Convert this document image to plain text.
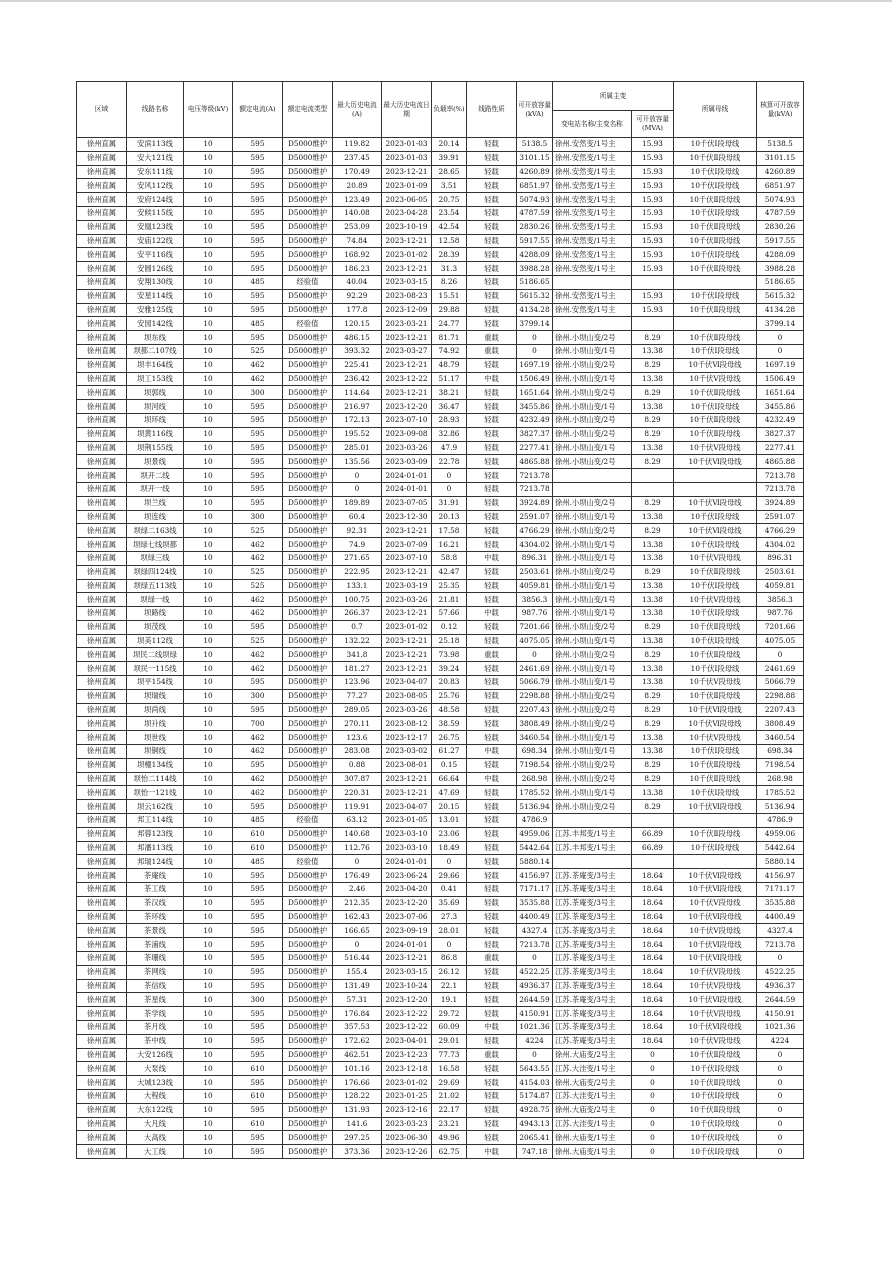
区域	线路名称	电压等级(kV)	额定电流(A)	额定电流类型	最大历史电流(A)	最大历史电流日期	负载率(%)	线路性质	可开放容量(kVA)	所属主变		所属母线	核算可开放容量(kVA)
										变电站名称/主变名称	可开放容量(MVA)		
徐州直属	安滨113线	10	595	D5000维护	119.82	2023-01-03	20.14	轻载	5138.5	徐州.安然变/1号主	15.93	10千伏Ⅰ段母线	5138.5
徐州直属	安大121线	10	595	D5000维护	237.45	2023-01-03	39.91	轻载	3101.15	徐州.安然变/1号主	15.93	10千伏Ⅱ段母线	3101.15
徐州直属	安东111线	10	595	D5000维护	170.49	2023-12-21	28.65	轻载	4260.89	徐州.安然变/1号主	15.93	10千伏Ⅰ段母线	4260.89
徐州直属	安风112线	10	595	D5000维护	20.89	2023-01-09	3.51	轻载	6851.97	徐州.安然变/1号主	15.93	10千伏Ⅰ段母线	6851.97
徐州直属	安府124线	10	595	D5000维护	123.49	2023-06-05	20.75	轻载	5074.93	徐州.安然变/1号主	15.93	10千伏Ⅱ段母线	5074.93
徐州直属	安候115线	10	595	D5000维护	140.08	2023-04-28	23.54	轻载	4787.59	徐州.安然变/1号主	15.93	10千伏Ⅰ段母线	4787.59
徐州直属	安凰123线	10	595	D5000维护	253.09	2023-10-19	42.54	轻载	2830.26	徐州.安然变/1号主	15.93	10千伏Ⅱ段母线	2830.26
徐州直属	安庙122线	10	595	D5000维护	74.84	2023-12-21	12.58	轻载	5917.55	徐州.安然变/1号主	15.93	10千伏Ⅱ段母线	5917.55
徐州直属	安平116线	10	595	D5000维护	168.92	2023-01-02	28.39	轻载	4288.09	徐州.安然变/1号主	15.93	10千伏Ⅰ段母线	4288.09
徐州直属	安圆126线	10	595	D5000维护	186.23	2023-12-21	31.3	轻载	3988.28	徐州.安然变/1号主	15.93	10千伏Ⅱ段母线	3988.28
徐州直属	安翔130线	10	485	经验值	40.04	2023-03-15	8.26	轻载	5186.65				5186.65
徐州直属	安星114线	10	595	D5000维护	92.29	2023-08-23	15.51	轻载	5615.32	徐州.安然变/1号主	15.93	10千伏Ⅰ段母线	5615.32
徐州直属	安雅125线	10	595	D5000维护	177.8	2023-12-09	29.88	轻载	4134.28	徐州.安然变/1号主	15.93	10千伏Ⅱ段母线	4134.28
徐州直属	安园142线	10	485	经验值	120.15	2023-03-21	24.77	轻载	3799.14				3799.14
徐州直属	坝东线	10	595	D5000维护	486.15	2023-12-21	81.71	重载	0	徐州.小坝山变/2号	8.29	10千伏Ⅱ段母线	0
徐州直属	坝都二107线	10	525	D5000维护	393.32	2023-03-27	74.92	重载	0	徐州.小坝山变/1号	13.38	10千伏Ⅰ段母线	0
徐州直属	坝丰164线	10	462	D5000维护	225.41	2023-12-21	48.79	轻载	1697.19	徐州.小坝山变/2号	8.29	10千伏Ⅵ段母线	1697.19
徐州直属	坝工153线	10	462	D5000维护	236.42	2023-12-22	51.17	中载	1506.49	徐州.小坝山变/1号	13.38	10千伏Ⅴ段母线	1506.49
徐州直属	坝郭线	10	300	D5000维护	114.64	2023-12-21	38.21	轻载	1651.64	徐州.小坝山变/2号	8.29	10千伏Ⅱ段母线	1651.64
徐州直属	坝河线	10	595	D5000维护	216.97	2023-12-20	36.47	轻载	3455.86	徐州.小坝山变/1号	13.38	10千伏Ⅰ段母线	3455.86
徐州直属	坝环线	10	595	D5000维护	172.13	2023-07-10	28.93	轻载	4232.49	徐州.小坝山变/2号	8.29	10千伏Ⅱ段母线	4232.49
徐州直属	坝黄116线	10	595	D5000维护	195.52	2023-09-08	32.86	轻载	3827.37	徐州.小坝山变/2号	8.29	10千伏Ⅱ段母线	3827.37
徐州直属	坝荆155线	10	595	D5000维护	285.01	2023-03-26	47.9	轻载	2277.41	徐州.小坝山变/1号	13.38	10千伏Ⅴ段母线	2277.41
徐州直属	坝景线	10	595	D5000维护	135.56	2023-03-09	22.78	轻载	4865.88	徐州.小坝山变/2号	8.29	10千伏Ⅵ段母线	4865.88
徐州直属	坝开二线	10	595	D5000维护	0	2024-01-01	0	轻载	7213.78				7213.78
徐州直属	坝开一线	10	595	D5000维护	0	2024-01-01	0	轻载	7213.78				7213.78
徐州直属	坝兰线	10	595	D5000维护	189.89	2023-07-05	31.91	轻载	3924.89	徐州.小坝山变/2号	8.29	10千伏Ⅵ段母线	3924.89
徐州直属	坝连线	10	300	D5000维护	60.4	2023-12-30	20.13	轻载	2591.07	徐州.小坝山变/1号	13.38	10千伏Ⅰ段母线	2591.07
徐州直属	坝绿二163线	10	525	D5000维护	92.31	2023-12-21	17.58	轻载	4766.29	徐州.小坝山变/2号	8.29	10千伏Ⅵ段母线	4766.29
徐州直属	坝绿七线坝都	10	462	D5000维护	74.9	2023-07-09	16.21	轻载	4304.02	徐州.小坝山变/1号	13.38	10千伏Ⅰ段母线	4304.02
徐州直属	坝绿三线	10	462	D5000维护	271.65	2023-07-10	58.8	中载	896.31	徐州.小坝山变/1号	13.38	10千伏Ⅴ段母线	896.31
徐州直属	坝绿四124线	10	525	D5000维护	222.95	2023-12-21	42.47	轻载	2503.61	徐州.小坝山变/2号	8.29	10千伏Ⅱ段母线	2503.61
徐州直属	坝绿五113线	10	525	D5000维护	133.1	2023-03-19	25.35	轻载	4059.81	徐州.小坝山变/1号	13.38	10千伏Ⅰ段母线	4059.81
徐州直属	坝绿一线	10	462	D5000维护	100.75	2023-03-26	21.81	轻载	3856.3	徐州.小坝山变/1号	13.38	10千伏Ⅴ段母线	3856.3
徐州直属	坝路线	10	462	D5000维护	266.37	2023-12-21	57.66	中载	987.76	徐州.小坝山变/1号	13.38	10千伏Ⅰ段母线	987.76
徐州直属	坝茂线	10	595	D5000维护	0.7	2023-01-02	0.12	轻载	7201.66	徐州.小坝山变/2号	8.29	10千伏Ⅱ段母线	7201.66
徐州直属	坝美112线	10	525	D5000维护	132.22	2023-12-21	25.18	轻载	4075.05	徐州.小坝山变/1号	13.38	10千伏Ⅰ段母线	4075.05
徐州直属	坝民二线坝绿	10	462	D5000维护	341.8	2023-12-21	73.98	重载	0	徐州.小坝山变/2号	8.29	10千伏Ⅱ段母线	0
徐州直属	坝民一115线	10	462	D5000维护	181.27	2023-12-21	39.24	轻载	2461.69	徐州.小坝山变/1号	13.38	10千伏Ⅰ段母线	2461.69
徐州直属	坝平154线	10	595	D5000维护	123.96	2023-04-07	20.83	轻载	5066.79	徐州.小坝山变/1号	13.38	10千伏Ⅴ段母线	5066.79
徐州直属	坝瑞线	10	300	D5000维护	77.27	2023-08-05	25.76	轻载	2298.88	徐州.小坝山变/2号	8.29	10千伏Ⅱ段母线	2298.88
徐州直属	坝尚线	10	595	D5000维护	289.05	2023-03-26	48.58	轻载	2207.43	徐州.小坝山变/2号	8.29	10千伏Ⅵ段母线	2207.43
徐州直属	坝升线	10	700	D5000维护	270.11	2023-08-12	38.59	轻载	3808.49	徐州.小坝山变/2号	8.29	10千伏Ⅵ段母线	3808.49
徐州直属	坝世线	10	462	D5000维护	123.6	2023-12-17	26.75	轻载	3460.54	徐州.小坝山变/1号	13.38	10千伏Ⅴ段母线	3460.54
徐州直属	坝铜线	10	462	D5000维护	283.08	2023-03-02	61.27	中载	698.34	徐州.小坝山变/1号	13.38	10千伏Ⅰ段母线	698.34
徐州直属	坝橦134线	10	595	D5000维护	0.88	2023-08-01	0.15	轻载	7198.54	徐州.小坝山变/2号	8.29	10千伏Ⅱ段母线	7198.54
徐州直属	坝怡二114线	10	462	D5000维护	307.87	2023-12-21	66.64	中载	268.98	徐州.小坝山变/2号	8.29	10千伏Ⅱ段母线	268.98
徐州直属	坝怡一121线	10	462	D5000维护	220.31	2023-12-21	47.69	轻载	1785.52	徐州.小坝山变/1号	13.38	10千伏Ⅰ段母线	1785.52
徐州直属	坝云162线	10	595	D5000维护	119.91	2023-04-07	20.15	轻载	5136.94	徐州.小坝山变/2号	8.29	10千伏Ⅵ段母线	5136.94
徐州直属	邦工114线	10	485	经验值	63.12	2023-01-05	13.01	轻载	4786.9				4786.9
徐州直属	邦蓉123线	10	610	D5000维护	140.68	2023-03-10	23.06	轻载	4959.06	江苏.丰邦变/1号主	66.89	10千伏Ⅱ段母线	4959.06
徐州直属	邦潘113线	10	610	D5000维护	112.76	2023-03-10	18.49	轻载	5442.64	江苏.丰邦变/1号主	66.89	10千伏Ⅰ段母线	5442.64
徐州直属	邦瑞124线	10	485	经验值	0	2024-01-01	0	轻载	5880.14				5880.14
徐州直属	茶庵线	10	595	D5000维护	176.49	2023-06-24	29.66	轻载	4156.97	江苏.茶庵变/3号主	18.64	10千伏Ⅵ段母线	4156.97
徐州直属	茶工线	10	595	D5000维护	2.46	2023-04-20	0.41	轻载	7171.17	江苏.茶庵变/3号主	18.64	10千伏Ⅵ段母线	7171.17
徐州直属	茶汉线	10	595	D5000维护	212.35	2023-12-20	35.69	轻载	3535.88	江苏.茶庵变/3号主	18.64	10千伏Ⅴ段母线	3535.88
徐州直属	茶环线	10	595	D5000维护	162.43	2023-07-06	27.3	轻载	4400.49	江苏.茶庵变/3号主	18.64	10千伏Ⅵ段母线	4400.49
徐州直属	茶景线	10	595	D5000维护	166.65	2023-09-19	28.01	轻载	4327.4	江苏.茶庵变/3号主	18.64	10千伏Ⅴ段母线	4327.4
徐州直属	茶浦线	10	595	D5000维护	0	2024-01-01	0	轻载	7213.78	江苏.茶庵变/3号主	18.64	10千伏Ⅵ段母线	7213.78
徐州直属	茶珊线	10	595	D5000维护	516.44	2023-12-21	86.8	重载	0	江苏.茶庵变/3号主	18.64	10千伏Ⅵ段母线	0
徐州直属	茶网线	10	595	D5000维护	155.4	2023-03-15	26.12	轻载	4522.25	江苏.茶庵变/3号主	18.64	10千伏Ⅴ段母线	4522.25
徐州直属	茶信线	10	595	D5000维护	131.49	2023-10-24	22.1	轻载	4936.37	江苏.茶庵变/3号主	18.64	10千伏Ⅴ段母线	4936.37
徐州直属	茶星线	10	300	D5000维护	57.31	2023-12-20	19.1	轻载	2644.59	江苏.茶庵变/3号主	18.64	10千伏Ⅵ段母线	2644.59
徐州直属	茶学线	10	595	D5000维护	176.84	2023-12-22	29.72	轻载	4150.91	江苏.茶庵变/3号主	18.64	10千伏Ⅴ段母线	4150.91
徐州直属	茶月线	10	595	D5000维护	357.53	2023-12-22	60.09	中载	1021.36	江苏.茶庵变/3号主	18.64	10千伏Ⅵ段母线	1021.36
徐州直属	茶中线	10	595	D5000维护	172.62	2023-04-01	29.01	轻载	4224	江苏.茶庵变/3号主	18.64	10千伏Ⅴ段母线	4224
徐州直属	大安126线	10	595	D5000维护	462.51	2023-12-23	77.73	重载	0	徐州.大庙变/2号主	0	10千伏Ⅱ段母线	0
徐州直属	大泵线	10	610	D5000维护	101.16	2023-12-18	16.58	轻载	5643.55	江苏.大洼变/1号主	0	10千伏Ⅰ段母线	0
徐州直属	大城123线	10	595	D5000维护	176.66	2023-01-02	29.69	轻载	4154.03	徐州.大庙变/2号主	0	10千伏Ⅱ段母线	0
徐州直属	大程线	10	610	D5000维护	128.22	2023-01-25	21.02	轻载	5174.87	江苏.大洼变/1号主	0	10千伏Ⅰ段母线	0
徐州直属	大东122线	10	595	D5000维护	131.93	2023-12-16	22.17	轻载	4928.75	徐州.大庙变/2号主	0	10千伏Ⅱ段母线	0
徐州直属	大凡线	10	610	D5000维护	141.6	2023-03-23	23.21	轻载	4943.13	江苏.大洼变/1号主	0	10千伏Ⅰ段母线	0
徐州直属	大高线	10	595	D5000维护	297.25	2023-06-30	49.96	轻载	2065.41	徐州.大庙变/1号主	0	10千伏Ⅰ段母线	0
徐州直属	大工线	10	595	D5000维护	373.36	2023-12-26	62.75	中载	747.18	徐州.大庙变/1号主	0	10千伏Ⅰ段母线	0
